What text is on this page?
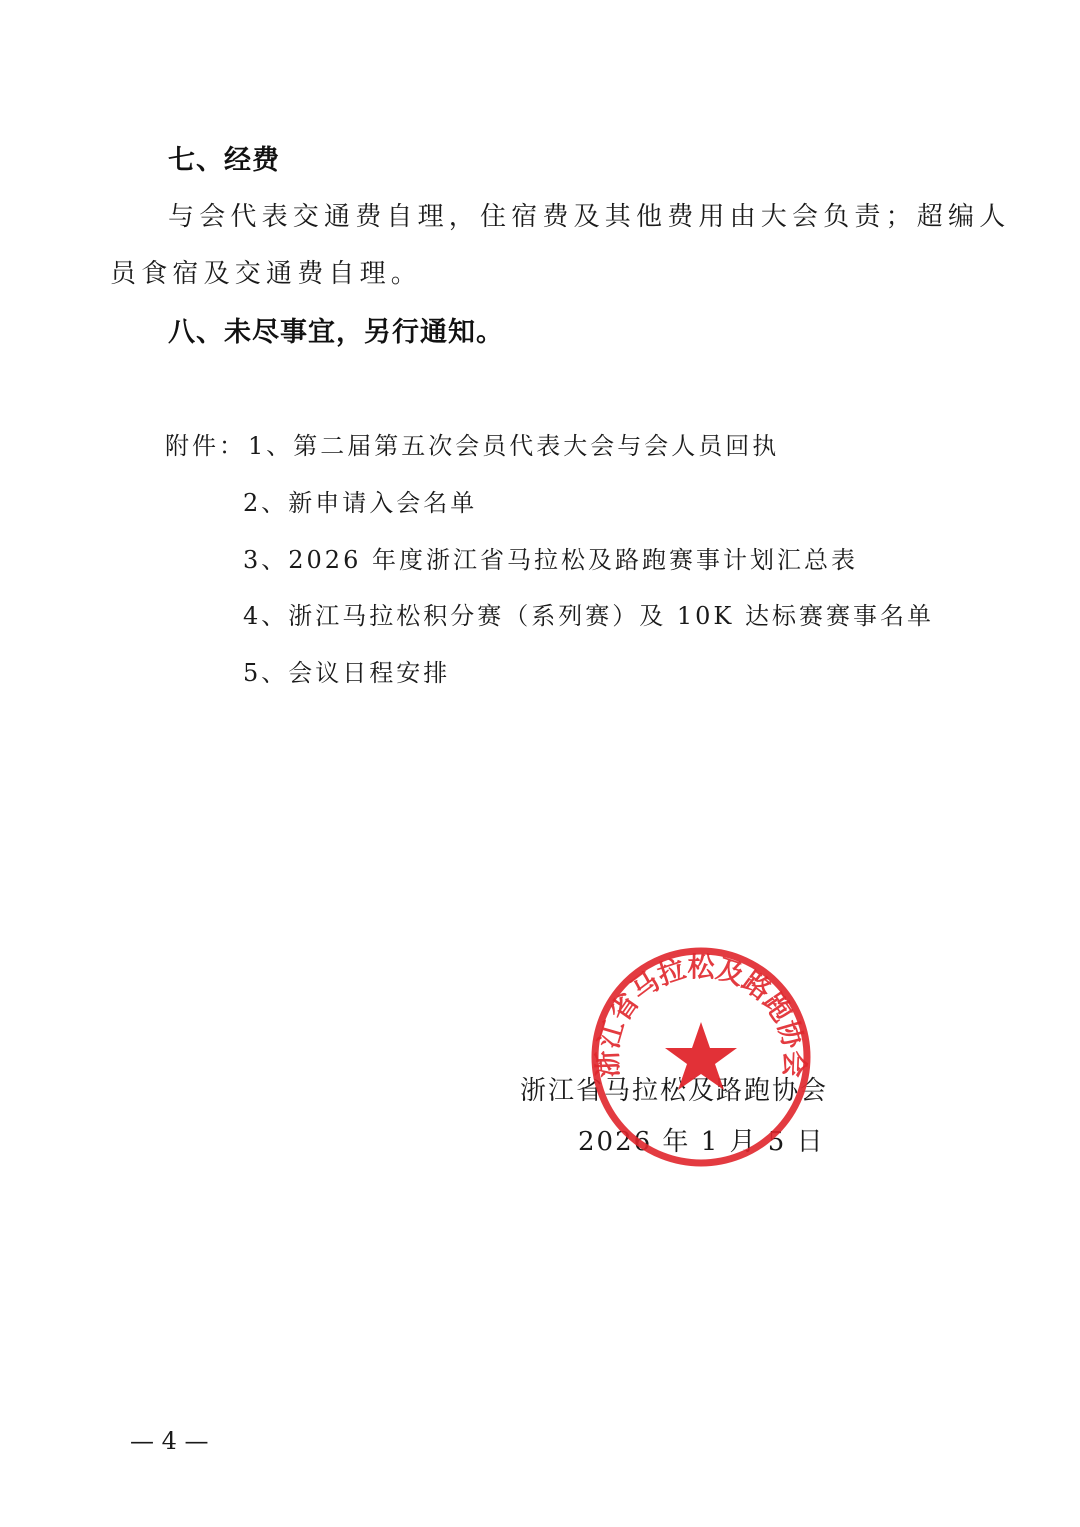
七、经费
与会代表交通费自理，住宿费及其他费用由大会负责；超编人
员食宿及交通费自理。
八、未尽事宜，另行通知。
附件： 1、第二届第五次会员代表大会与会人员回执
2、新申请入会名单
3、2026 年度浙江省马拉松及路跑赛事计划汇总表
4、浙江马拉松积分赛（系列赛）及 10K 达标赛赛事名单
5、会议日程安排
浙江省马拉松及路跑协会
2026 年 1 月 5 日
浙江省马拉松及路跑协会
— 4 —
